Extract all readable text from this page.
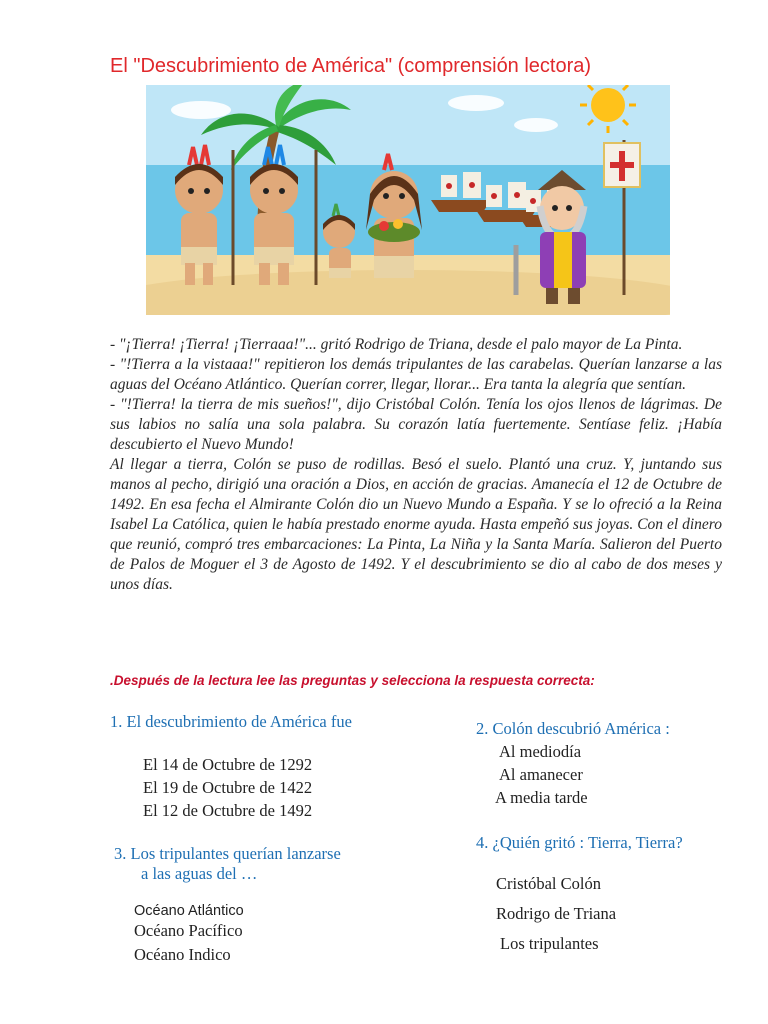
El "Descubrimiento de América" (comprensión lectora)

- "¡Tierra! ¡Tierra! ¡Tierraaa!"... gritó Rodrigo de Triana, desde el palo mayor de La Pinta.

- "!Tierra a la vistaaa!" repitieron los demás tripulantes de las carabelas. Querían lanzarse a las aguas del Océano Atlántico. Querían correr, llegar, llorar... Era tanta la alegría que sentían.

- "!Tierra! la tierra de mis sueños!", dijo Cristóbal Colón. Tenía los ojos llenos de lágrimas. De sus labios no salía una sola palabra. Su corazón latía fuertemente. Sentíase feliz. ¡Había descubierto el Nuevo Mundo!

Al llegar a tierra, Colón se puso de rodillas. Besó el suelo. Plantó una cruz. Y, juntando sus manos al pecho, dirigió una oración a Dios, en acción de gracias. Amanecía el 12 de Octubre de 1492. En esa fecha el Almirante Colón dio un Nuevo Mundo a España. Y se lo ofreció a la Reina Isabel La Católica, quien le había prestado enorme ayuda. Hasta empeñó sus joyas. Con el dinero que reunió, compró tres embarcaciones: La Pinta, La Niña y la Santa María. Salieron del Puerto de Palos de Moguer el 3 de Agosto de 1492. Y el descubrimiento se dio al cabo de dos meses y unos días.

.Después de la lectura lee las preguntas y selecciona la respuesta correcta:
1. El descubrimiento de América fue
El 14 de Octubre de 1292
El 19 de Octubre de 1422
El 12 de Octubre de 1492
2. Colón descubrió América :
Al mediodía
Al amanecer
A media tarde
3. Los tripulantes querían lanzarse
a las aguas del …
Océano Atlántico
Océano Pacífico
Océano Indico
4. ¿Quién gritó : Tierra, Tierra?
Cristóbal Colón
Rodrigo de Triana
Los tripulantes
